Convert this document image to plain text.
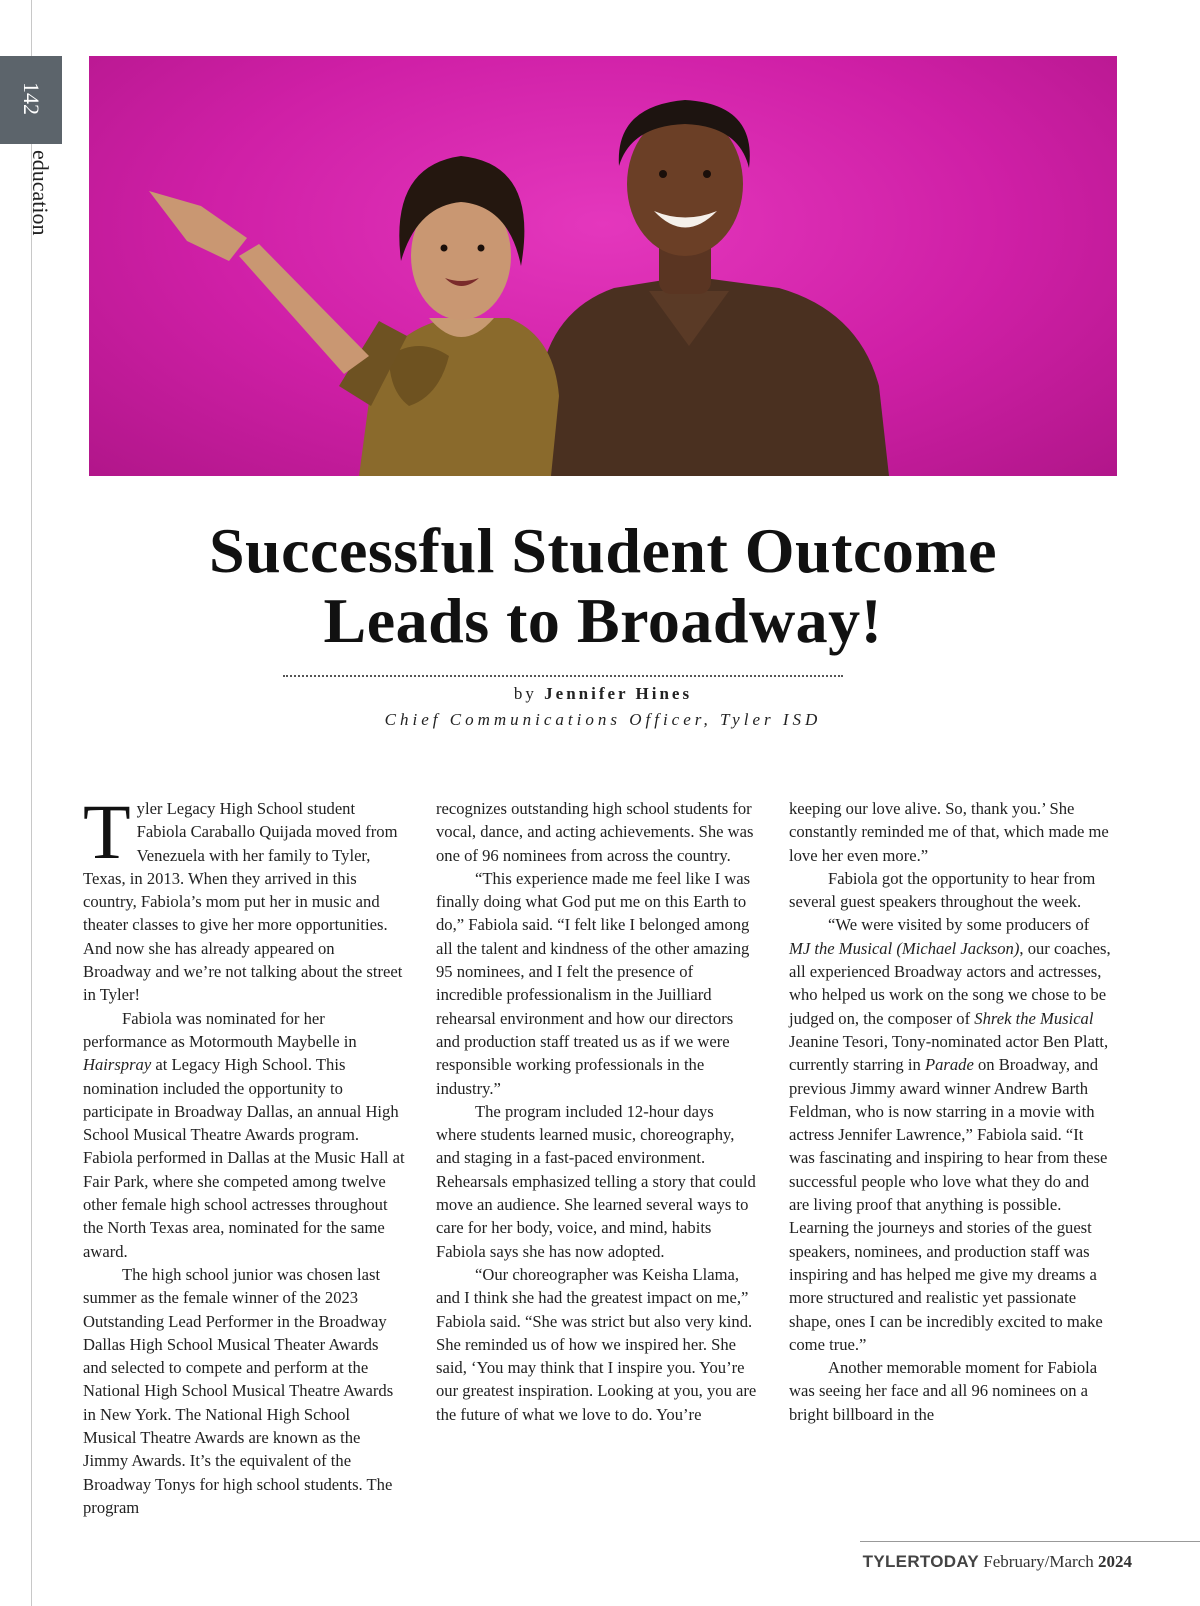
142
education
Successful Student Outcome
Leads to Broadway!
by Jennifer Hines
Chief Communications Officer, Tyler ISD

Tyler Legacy High School student Fabiola Caraballo Quijada moved from Venezuela with her family to Tyler, Texas, in 2013. When they arrived in this country, Fabiola’s mom put her in music and theater classes to give her more opportunities. And now she has already appeared on Broadway and we’re not talking about the street in Tyler!

Fabiola was nominated for her performance as Motormouth Maybelle in Hairspray at Legacy High School. This nomination included the opportunity to participate in Broadway Dallas, an annual High School Musical Theatre Awards program. Fabiola performed in Dallas at the Music Hall at Fair Park, where she competed among twelve other female high school actresses throughout the North Texas area, nominated for the same award.

The high school junior was chosen last summer as the female winner of the 2023 Outstanding Lead Performer in the Broadway Dallas High School Musical Theater Awards and selected to compete and perform at the National High School Musical Theatre Awards in New York. The National High School Musical Theatre Awards are known as the Jimmy Awards. It’s the equivalent of the Broadway Tonys for high school students. The program

recognizes outstanding high school students for vocal, dance, and acting achievements. She was one of 96 nominees from across the country.

“This experience made me feel like I was finally doing what God put me on this Earth to do,” Fabiola said. “I felt like I belonged among all the talent and kindness of the other amazing 95 nominees, and I felt the presence of incredible professionalism in the Juilliard rehearsal environment and how our directors and production staff treated us as if we were responsible working professionals in the industry.”

The program included 12-hour days where students learned music, choreography, and staging in a fast-paced environment. Rehearsals emphasized telling a story that could move an audience. She learned several ways to care for her body, voice, and mind, habits Fabiola says she has now adopted.

“Our choreographer was Keisha Llama, and I think she had the greatest impact on me,” Fabiola said. “She was strict but also very kind. She reminded us of how we inspired her. She said, ‘You may think that I inspire you. You’re our greatest inspiration. Looking at you, you are the future of what we love to do. You’re

keeping our love alive. So, thank you.’ She constantly reminded me of that, which made me love her even more.”

Fabiola got the opportunity to hear from several guest speakers throughout the week.

“We were visited by some producers of MJ the Musical (Michael Jackson), our coaches, all experienced Broadway actors and actresses, who helped us work on the song we chose to be judged on, the composer of Shrek the Musical Jeanine Tesori, Tony-nominated actor Ben Platt, currently starring in Parade on Broadway, and previous Jimmy award winner Andrew Barth Feldman, who is now starring in a movie with actress Jennifer Lawrence,” Fabiola said. “It was fascinating and inspiring to hear from these successful people who love what they do and are living proof that anything is possible. Learning the journeys and stories of the guest speakers, nominees, and production staff was inspiring and has helped me give my dreams a more structured and realistic yet passionate shape, ones I can be incredibly excited to make come true.”

Another memorable moment for Fabiola was seeing her face and all 96 nominees on a bright billboard in the

TYLERTODAY February/March 2024
